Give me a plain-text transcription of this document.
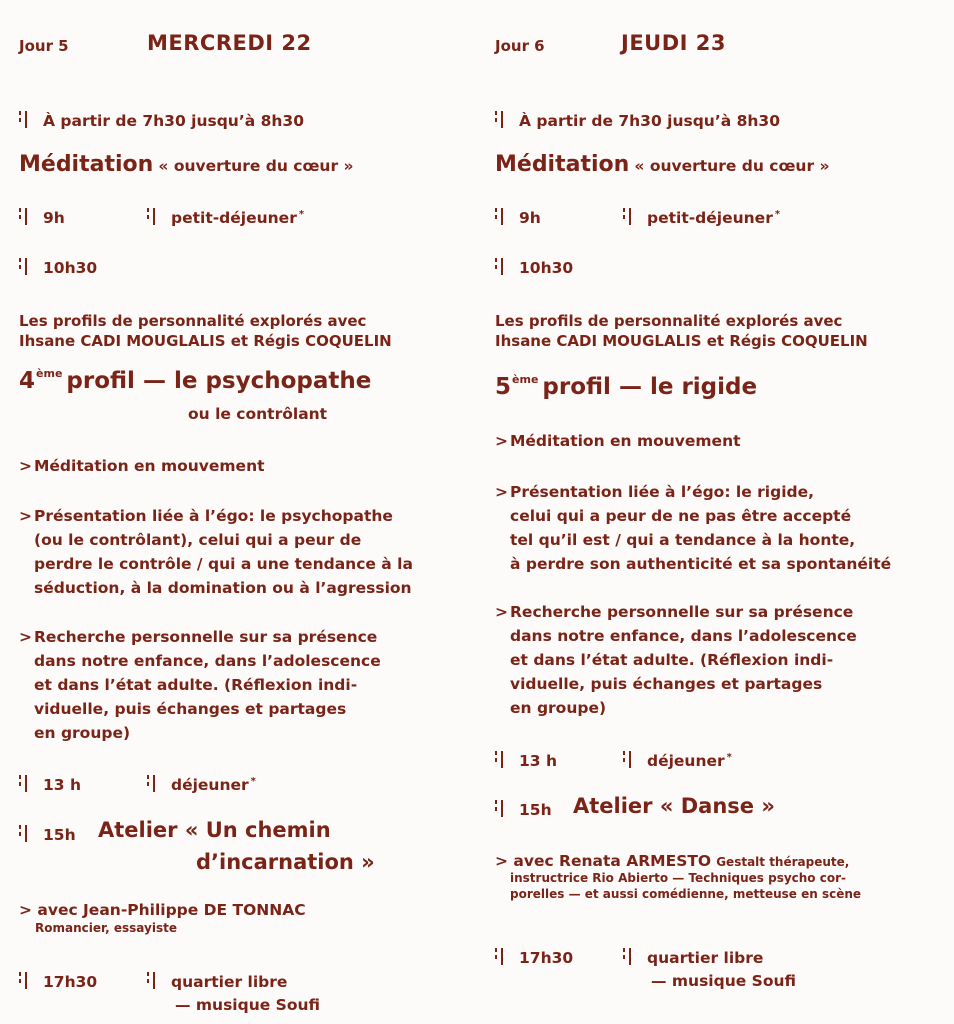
Jour 5	MERCREDI 22
À partir de 7h30 jusqu’à 8h30
Méditation « ouverture du cœur »
9h	petit-déjeuner *
10h30
Les profils de personnalité explorés avec
Ihsane CADI MOUGLALIS et Régis COQUELIN
4ème profil — le psychopathe
ou le contrôlant
> Méditation en mouvement
> Présentation liée à l’égo: le psychopathe
(ou le contrôlant), celui qui a peur de
perdre le contrôle / qui a une tendance à la
séduction, à la domination ou à l’agression
> Recherche personnelle sur sa présence
dans notre enfance, dans l’adolescence
et dans l’état adulte. (Réflexion indi-
viduelle, puis échanges et partages
en groupe)
13 h	déjeuner *
15h Atelier « Un chemin
d’incarnation »
> avec Jean-Philippe DE TONNAC
Romancier, essayiste
17h30	quartier libre
— musique Soufi
Jour 6	JEUDI 23
À partir de 7h30 jusqu’à 8h30
Méditation « ouverture du cœur »
9h	petit-déjeuner *
10h30
Les profils de personnalité explorés avec
Ihsane CADI MOUGLALIS et Régis COQUELIN
5ème profil — le rigide
> Méditation en mouvement
> Présentation liée à l’égo: le rigide,
celui qui a peur de ne pas être accepté
tel qu’il est / qui a tendance à la honte,
à perdre son authenticité et sa spontanéité
> Recherche personnelle sur sa présence
dans notre enfance, dans l’adolescence
et dans l’état adulte. (Réflexion indi-
viduelle, puis échanges et partages
en groupe)
13 h	déjeuner *
15h Atelier « Danse »
> avec Renata ARMESTO Gestalt thérapeute,
instructrice Rio Abierto — Techniques psycho cor-
porelles — et aussi comédienne, metteuse en scène
17h30	quartier libre
— musique Soufi
